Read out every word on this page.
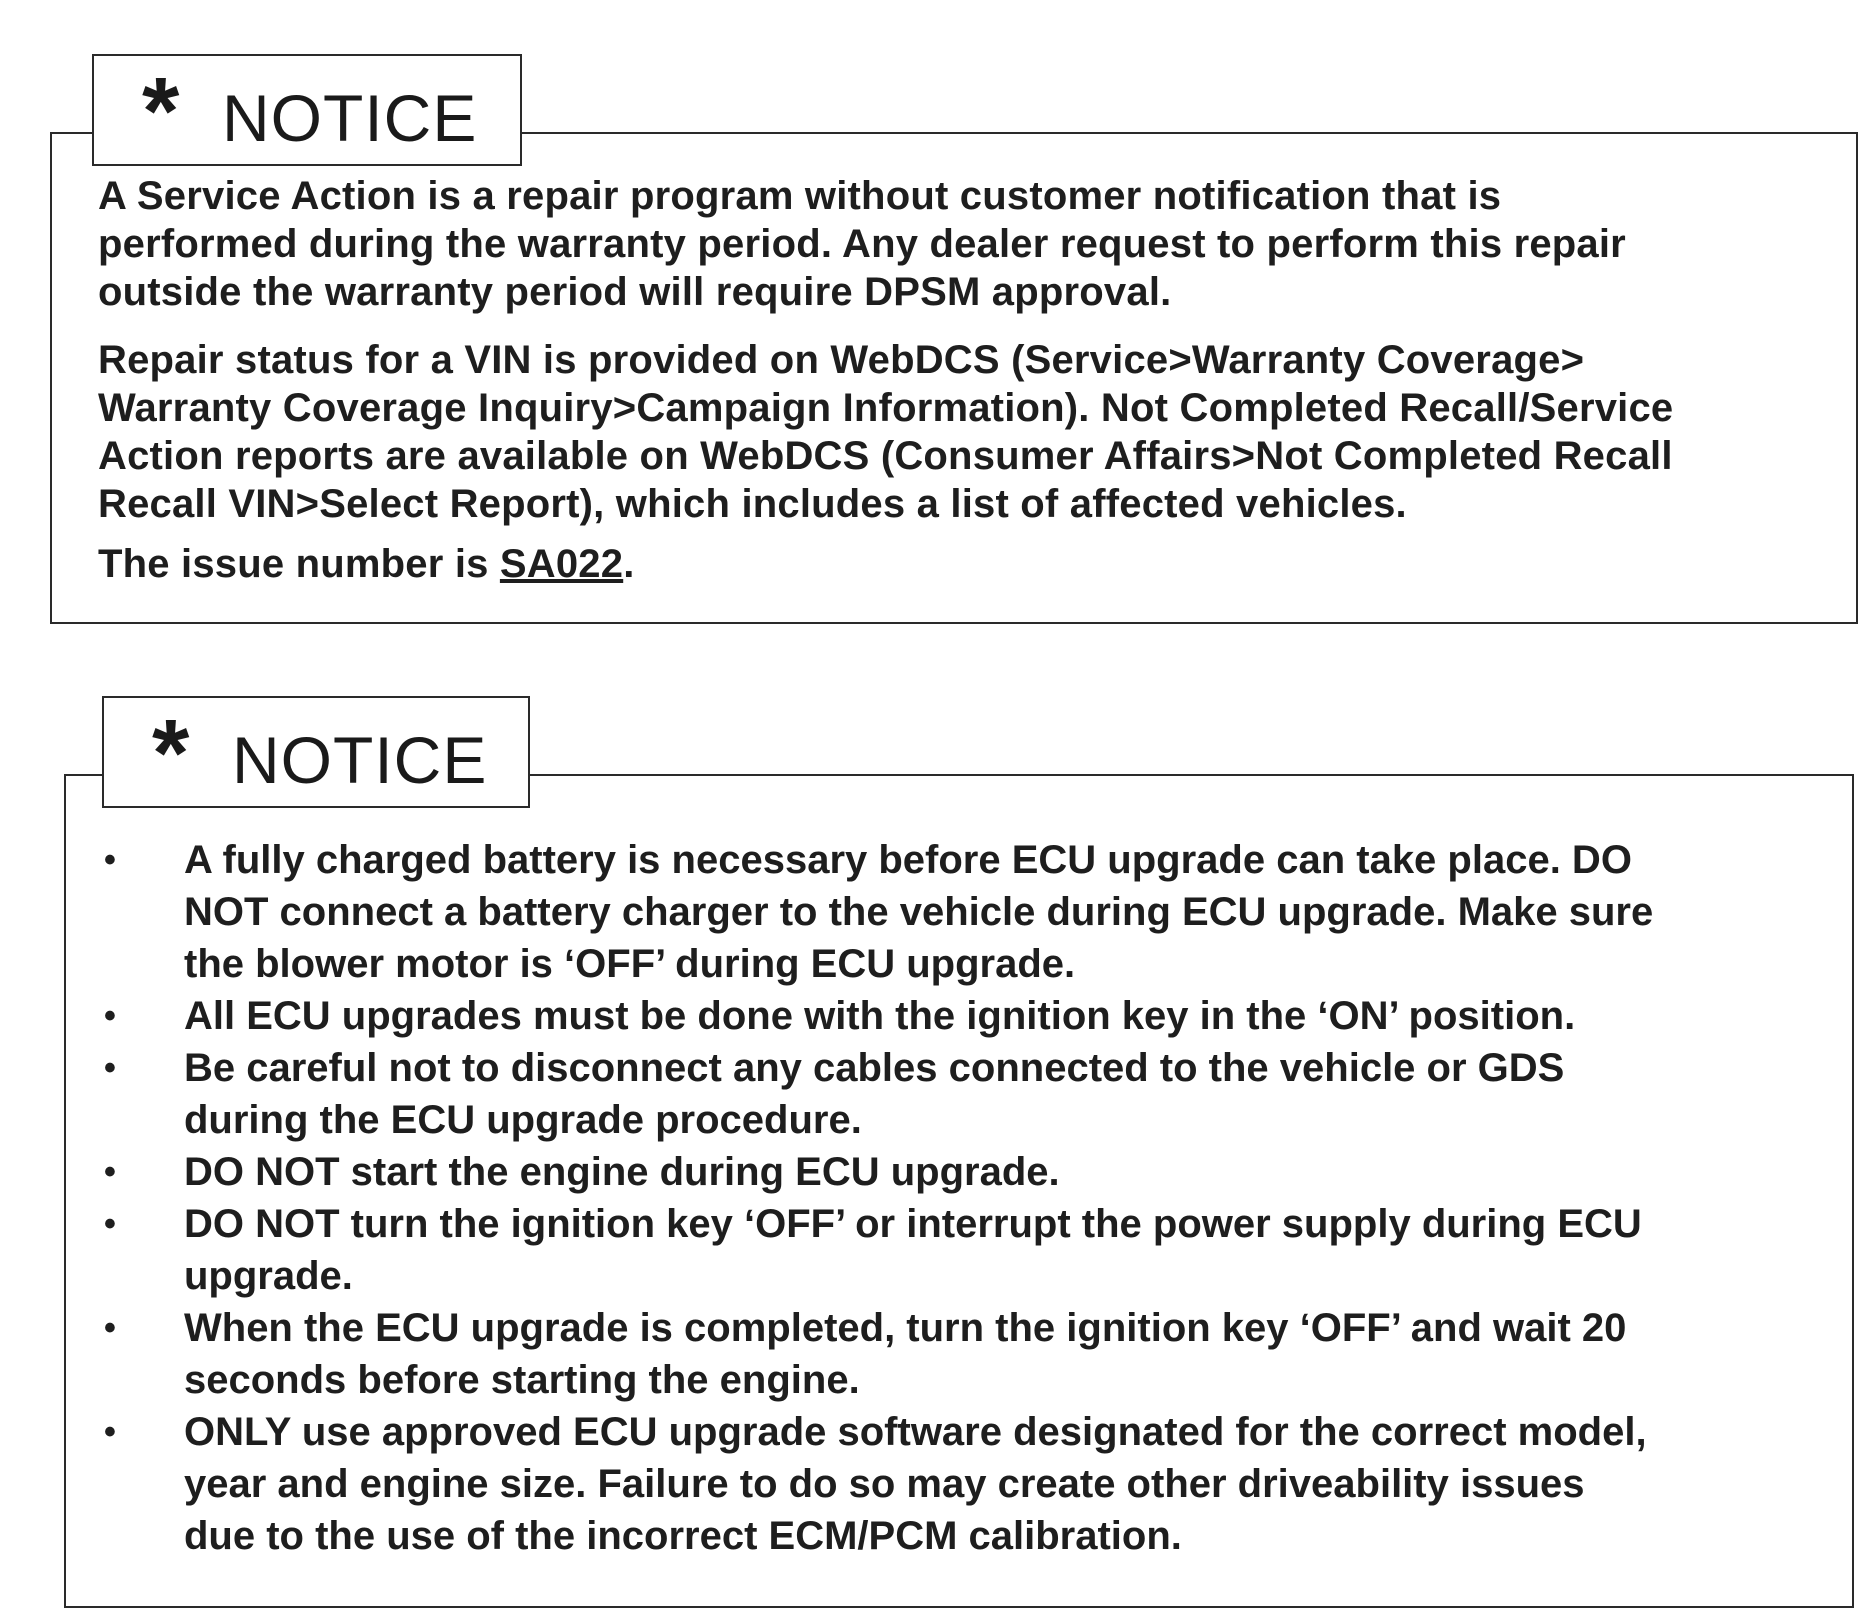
* NOTICE
A Service Action is a repair program without customer notification that is
performed during the warranty period. Any dealer request to perform this repair
outside the warranty period will require DPSM approval.
Repair status for a VIN is provided on WebDCS (Service>Warranty Coverage>
Warranty Coverage Inquiry>Campaign Information). Not Completed Recall/Service
Action reports are available on WebDCS (Consumer Affairs>Not Completed Recall
Recall VIN>Select Report), which includes a list of affected vehicles.
The issue number is SA022.
* NOTICE
• A fully charged battery is necessary before ECU upgrade can take place. DO
NOT connect a battery charger to the vehicle during ECU upgrade. Make sure
the blower motor is ‘OFF’ during ECU upgrade.
• All ECU upgrades must be done with the ignition key in the ‘ON’ position.
• Be careful not to disconnect any cables connected to the vehicle or GDS
during the ECU upgrade procedure.
• DO NOT start the engine during ECU upgrade.
• DO NOT turn the ignition key ‘OFF’ or interrupt the power supply during ECU
upgrade.
• When the ECU upgrade is completed, turn the ignition key ‘OFF’ and wait 20
seconds before starting the engine.
• ONLY use approved ECU upgrade software designated for the correct model,
year and engine size. Failure to do so may create other driveability issues
due to the use of the incorrect ECM/PCM calibration.
